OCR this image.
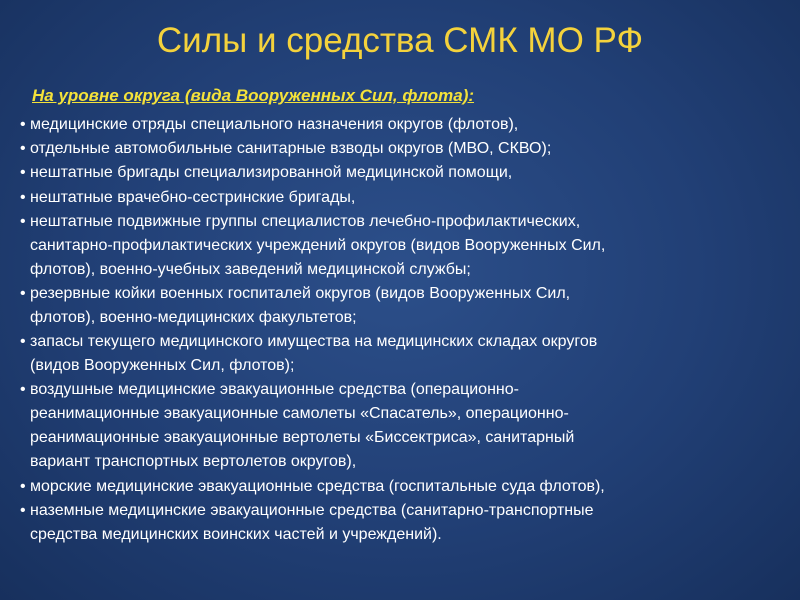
Силы и средства СМК МО РФ
На уровне округа (вида Вооруженных Сил, флота):
• медицинские отряды специального назначения округов (флотов),
• отдельные автомобильные санитарные взводы округов (МВО, СКВО);
• нештатные бригады специализированной медицинской помощи,
• нештатные врачебно-сестринские бригады,
• нештатные подвижные группы специалистов лечебно-профилактических,
санитарно-профилактических учреждений округов (видов Вооруженных Сил,
флотов), военно-учебных заведений медицинской службы;
• резервные койки военных госпиталей округов (видов Вооруженных Сил,
флотов), военно-медицинских факультетов;
• запасы текущего медицинского имущества на медицинских складах округов
(видов Вооруженных Сил, флотов);
• воздушные медицинские эвакуационные средства (операционно-
реанимационные эвакуационные самолеты «Спасатель», операционно-
реанимационные эвакуационные вертолеты «Биссектриса», санитарный
вариант транспортных вертолетов округов),
• морские медицинские эвакуационные средства (госпитальные суда флотов),
• наземные медицинские эвакуационные средства (санитарно-транспортные
средства медицинских воинских частей и учреждений).
